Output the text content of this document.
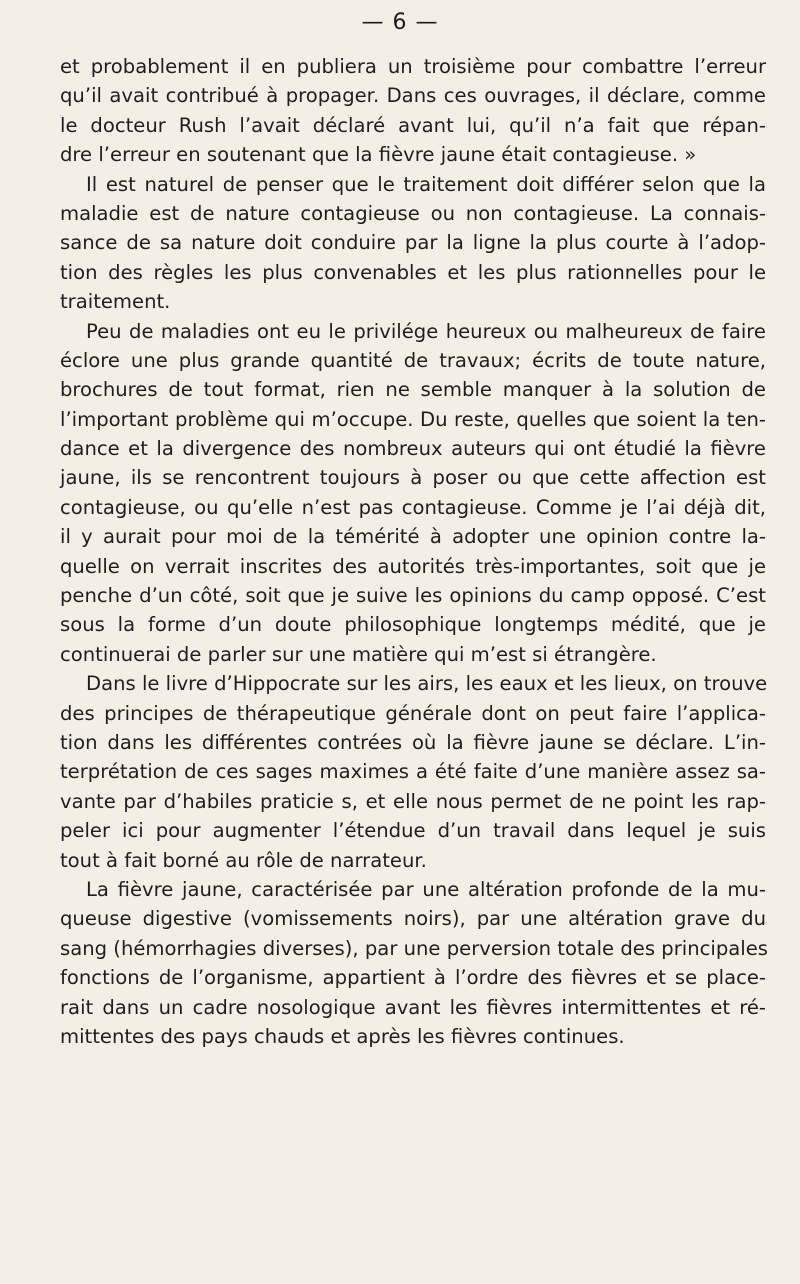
— 6 —
et probablement il en publiera un troisième pour combattre l’erreur
qu’il avait contribué à propager. Dans ces ouvrages, il déclare, comme
le docteur Rush l’avait déclaré avant lui, qu’il n’a fait que répan-
dre l’erreur en soutenant que la fièvre jaune était contagieuse. »
Il est naturel de penser que le traitement doit différer selon que la
maladie est de nature contagieuse ou non contagieuse. La connais-
sance de sa nature doit conduire par la ligne la plus courte à l’adop-
tion des règles les plus convenables et les plus rationnelles pour le
traitement.
Peu de maladies ont eu le privilége heureux ou malheureux de faire
éclore une plus grande quantité de travaux; écrits de toute nature,
brochures de tout format, rien ne semble manquer à la solution de
l’important problème qui m’occupe. Du reste, quelles que soient la ten-
dance et la divergence des nombreux auteurs qui ont étudié la fièvre
jaune, ils se rencontrent toujours à poser ou que cette affection est
contagieuse, ou qu’elle n’est pas contagieuse. Comme je l’ai déjà dit,
il y aurait pour moi de la témérité à adopter une opinion contre la-
quelle on verrait inscrites des autorités très-importantes, soit que je
penche d’un côté, soit que je suive les opinions du camp opposé. C’est
sous la forme d’un doute philosophique longtemps médité, que je
continuerai de parler sur une matière qui m’est si étrangère.
Dans le livre d’Hippocrate sur les airs, les eaux et les lieux, on trouve
des principes de thérapeutique générale dont on peut faire l’applica-
tion dans les différentes contrées où la fièvre jaune se déclare. L’in-
terprétation de ces sages maximes a été faite d’une manière assez sa-
vante par d’habiles praticie s, et elle nous permet de ne point les rap-
peler ici pour augmenter l’étendue d’un travail dans lequel je suis
tout à fait borné au rôle de narrateur.
La fièvre jaune, caractérisée par une altération profonde de la mu-
queuse digestive (vomissements noirs), par une altération grave du
sang (hémorrhagies diverses), par une perversion totale des principales
fonctions de l’organisme, appartient à l’ordre des fièvres et se place-
rait dans un cadre nosologique avant les fièvres intermittentes et ré-
mittentes des pays chauds et après les fièvres continues.
